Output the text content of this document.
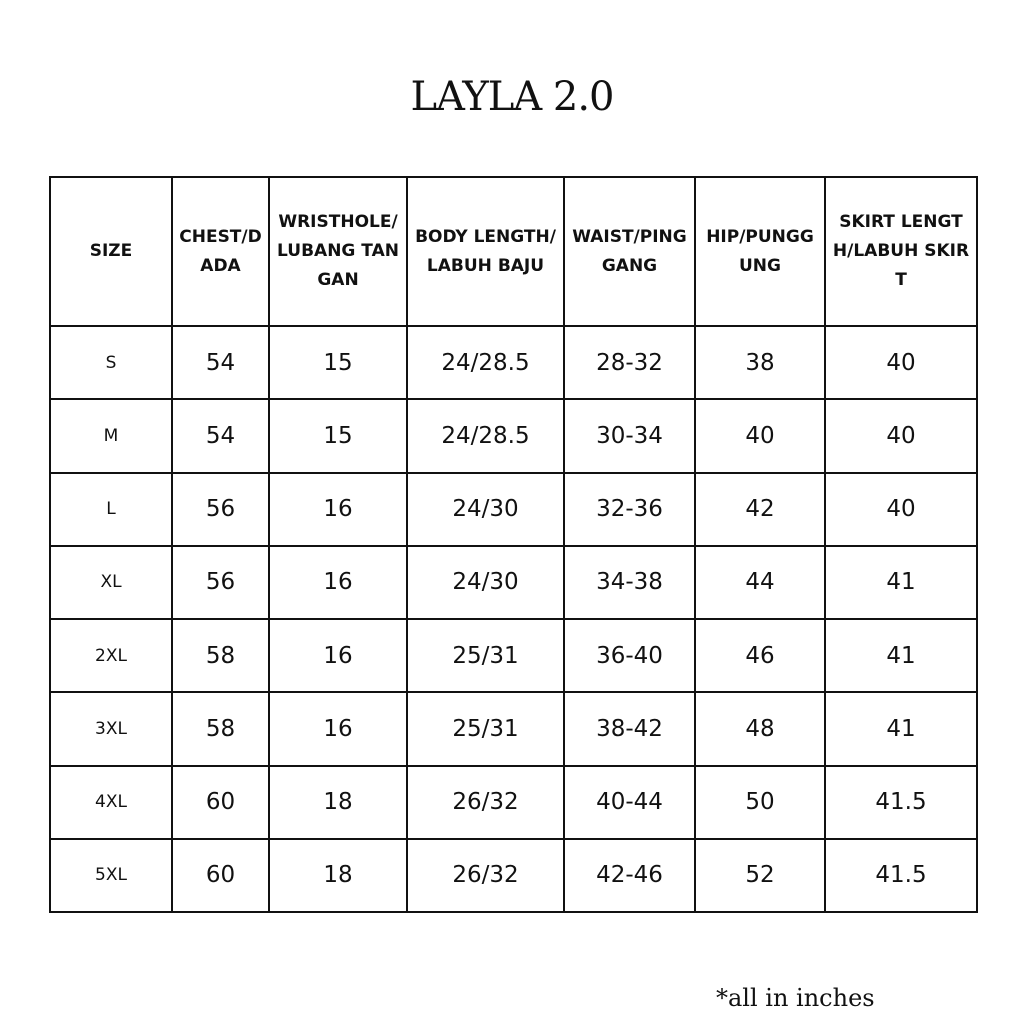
LAYLA 2.0
SIZE	CHEST/DADA	WRISTHOLE/LUBANG TANGAN	BODY LENGTH/LABUH BAJU	WAIST/PINGGANG	HIP/PUNGGUNG	SKIRT LENGTH/LABUH SKIRT
S	54	15	24/28.5	28-32	38	40
M	54	15	24/28.5	30-34	40	40
L	56	16	24/30	32-36	42	40
XL	56	16	24/30	34-38	44	41
2XL	58	16	25/31	36-40	46	41
3XL	58	16	25/31	38-42	48	41
4XL	60	18	26/32	40-44	50	41.5
5XL	60	18	26/32	42-46	52	41.5
*all in inches
